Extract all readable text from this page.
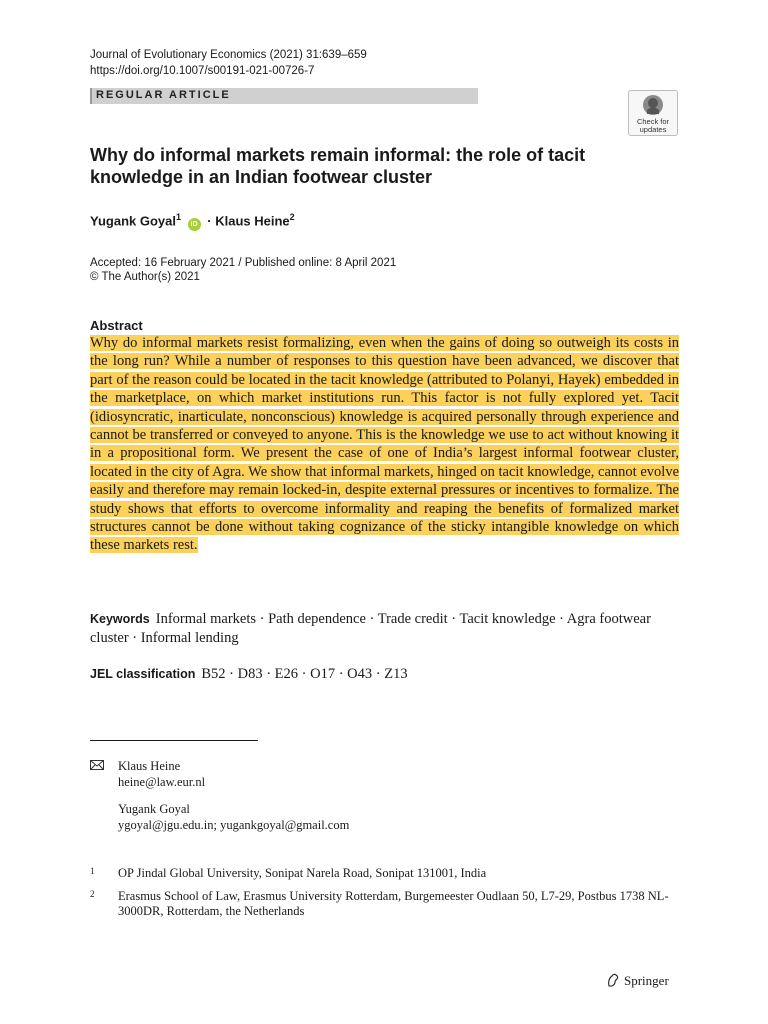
Journal of Evolutionary Economics (2021) 31:639–659
https://doi.org/10.1007/s00191-021-00726-7
REGULAR ARTICLE
Check for
updates
Why do informal markets remain informal: the role of tacit knowledge in an Indian footwear cluster
Yugank Goyal$^1$ iD · Klaus Heine$^2$
Accepted: 16 February 2021 / Published online: 8 April 2021
© The Author(s) 2021
Abstract
Why do informal markets resist formalizing, even when the gains of doing so outweigh its costs in the long run? While a number of responses to this question have been advanced, we discover that part of the reason could be located in the tacit knowledge (attributed to Polanyi, Hayek) embedded in the marketplace, on which market institutions run. This factor is not fully explored yet. Tacit (idiosyncratic, inarticulate, nonconscious) knowledge is acquired personally through experience and cannot be transferred or conveyed to anyone. This is the knowledge we use to act without knowing it in a propositional form. We present the case of one of India’s largest informal footwear cluster, located in the city of Agra. We show that informal markets, hinged on tacit knowledge, cannot evolve easily and therefore may remain locked-in, despite external pressures or incentives to formalize. The study shows that efforts to overcome informality and reaping the benefits of formalized market structures cannot be done without taking cognizance of the sticky intangible knowledge on which these markets rest.
Keywords Informal markets · Path dependence · Trade credit · Tacit knowledge · Agra footwear cluster · Informal lending
JEL classification B52 · D83 · E26 · O17 · O43 · Z13
Klaus Heine
heine@law.eur.nl
Yugank Goyal
ygoyal@jgu.edu.in; yugankgoyal@gmail.com
1 OP Jindal Global University, Sonipat Narela Road, Sonipat 131001, India
2 Erasmus School of Law, Erasmus University Rotterdam, Burgemeester Oudlaan 50, L7-29, Postbus 1738 NL-3000DR, Rotterdam, the Netherlands
Springer
